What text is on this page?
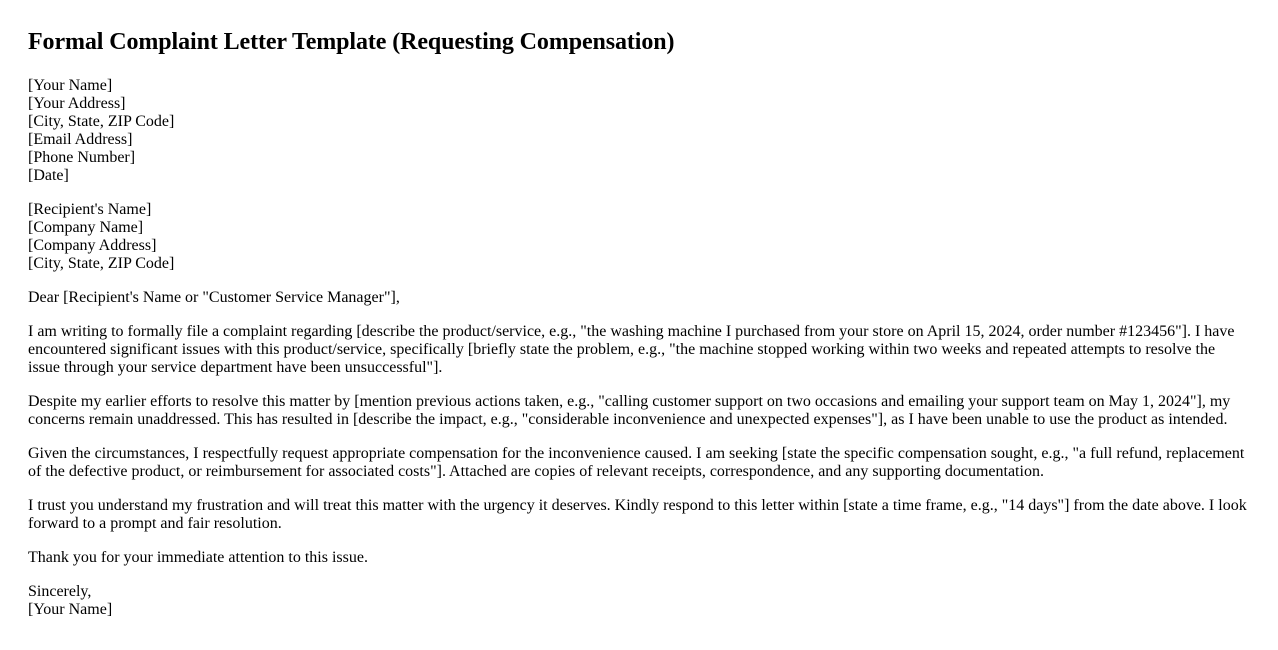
Formal Complaint Letter Template (Requesting Compensation)
[Your Name]
[Your Address]
[City, State, ZIP Code]
[Email Address]
[Phone Number]
[Date]
[Recipient's Name]
[Company Name]
[Company Address]
[City, State, ZIP Code]

Dear [Recipient's Name or "Customer Service Manager"],

I am writing to formally file a complaint regarding [describe the product/service, e.g., "the washing machine I purchased from your store on April 15, 2024, order number #123456"]. I have encountered significant issues with this product/service, specifically [briefly state the problem, e.g., "the machine stopped working within two weeks and repeated attempts to resolve the issue through your service department have been unsuccessful"].

Despite my earlier efforts to resolve this matter by [mention previous actions taken, e.g., "calling customer support on two occasions and emailing your support team on May 1, 2024"], my concerns remain unaddressed. This has resulted in [describe the impact, e.g., "considerable inconvenience and unexpected expenses"], as I have been unable to use the product as intended.

Given the circumstances, I respectfully request appropriate compensation for the inconvenience caused. I am seeking [state the specific compensation sought, e.g., "a full refund, replacement of the defective product, or reimbursement for associated costs"]. Attached are copies of relevant receipts, correspondence, and any supporting documentation.

I trust you understand my frustration and will treat this matter with the urgency it deserves. Kindly respond to this letter within [state a time frame, e.g., "14 days"] from the date above. I look forward to a prompt and fair resolution.

Thank you for your immediate attention to this issue.

Sincerely,
[Your Name]
